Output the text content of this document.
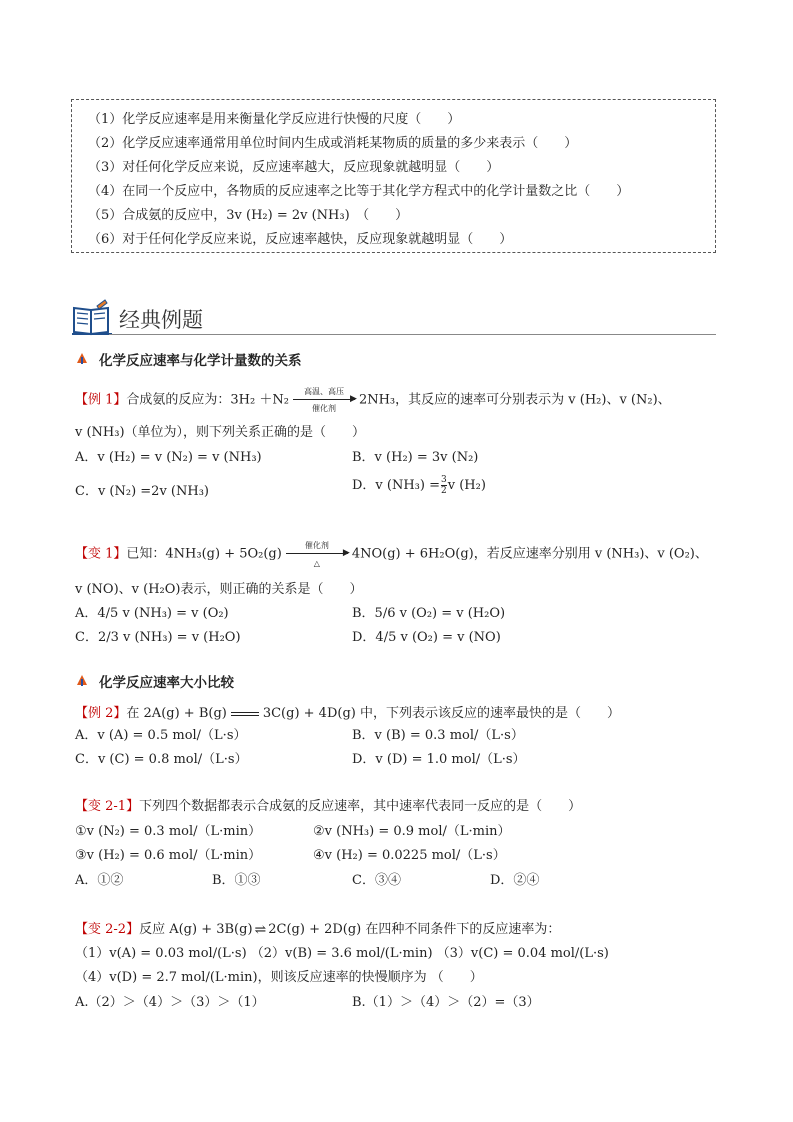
（1）化学反应速率是用来衡量化学反应进行快慢的尺度（　　）
（2）化学反应速率通常用单位时间内生成或消耗某物质的质量的多少来表示（　　）
（3）对任何化学反应来说，反应速率越大，反应现象就越明显（　　）
（4）在同一个反应中，各物质的反应速率之比等于其化学方程式中的化学计量数之比（　　）
（5）合成氨的反应中，3v (H₂) = 2v (NH₃)　（　　）
（6）对于任何化学反应来说，反应速率越快，反应现象就越明显（　　）
经典例题
化学反应速率与化学计量数的关系
【例 1】合成氨的反应为：3H₂ ＋N₂
高温、高压
▶
催化剂
2NH₃，其反应的速率可分别表示为 v (H₂)、v (N₂)、
v (NH₃)（单位为），则下列关系正确的是（　　）
A．v (H₂) = v (N₂) = v (NH₃)	B．v (H₂) = 3v (N₂)
C．v (N₂) =2v (NH₃)	D．v $(NH_3) = \frac{3}{2}$ v (H₂)
【变 1】已知：4NH₃(g) + 5O₂(g)
催化剂
▶
△
4NO(g) + 6H₂O(g)，若反应速率分别用 v (NH₃)、v (O₂)、
v (NO)、v (H₂O)表示，则正确的关系是（　　）
A．4/5 v (NH₃) = v (O₂)	B．5/6 v (O₂) = v (H₂O)
C．2/3 v (NH₃) = v (H₂O)	D．4/5 v (O₂) = v (NO)
化学反应速率大小比较
【例 2】在 2A(g) + B(g)	3C(g) + 4D(g) 中，下列表示该反应的速率最快的是（　　）
A．v (A) = 0.5 mol/（L·s）	B．v (B) = 0.3 mol/（L·s）
C．v (C) = 0.8 mol/（L·s）	D．v (D) = 1.0 mol/（L·s）
【变 2-1】下列四个数据都表示合成氨的反应速率，其中速率代表同一反应的是（　　）
①v (N₂) = 0.3 mol/（L·min）	②v (NH₃) = 0.9 mol/（L·min）
③v (H₂) = 0.6 mol/（L·min）	④v (H₂) = 0.0225 mol/（L·s）
A．①②	B．①③	C．③④	D．②④
【变 2-2】反应 A(g) + 3B(g) ⇌ 2C(g) + 2D(g) 在四种不同条件下的反应速率为：
（1）v(A) = 0.03 mol/(L·s) （2）v(B) = 3.6 mol/(L·min) （3）v(C) = 0.04 mol/(L·s)
（4）v(D) = 2.7 mol/(L·min)，则该反应速率的快慢顺序为 （　　）
A.（2）＞（4）＞（3）＞（1）	B.（1）＞（4）＞（2）=（3）
